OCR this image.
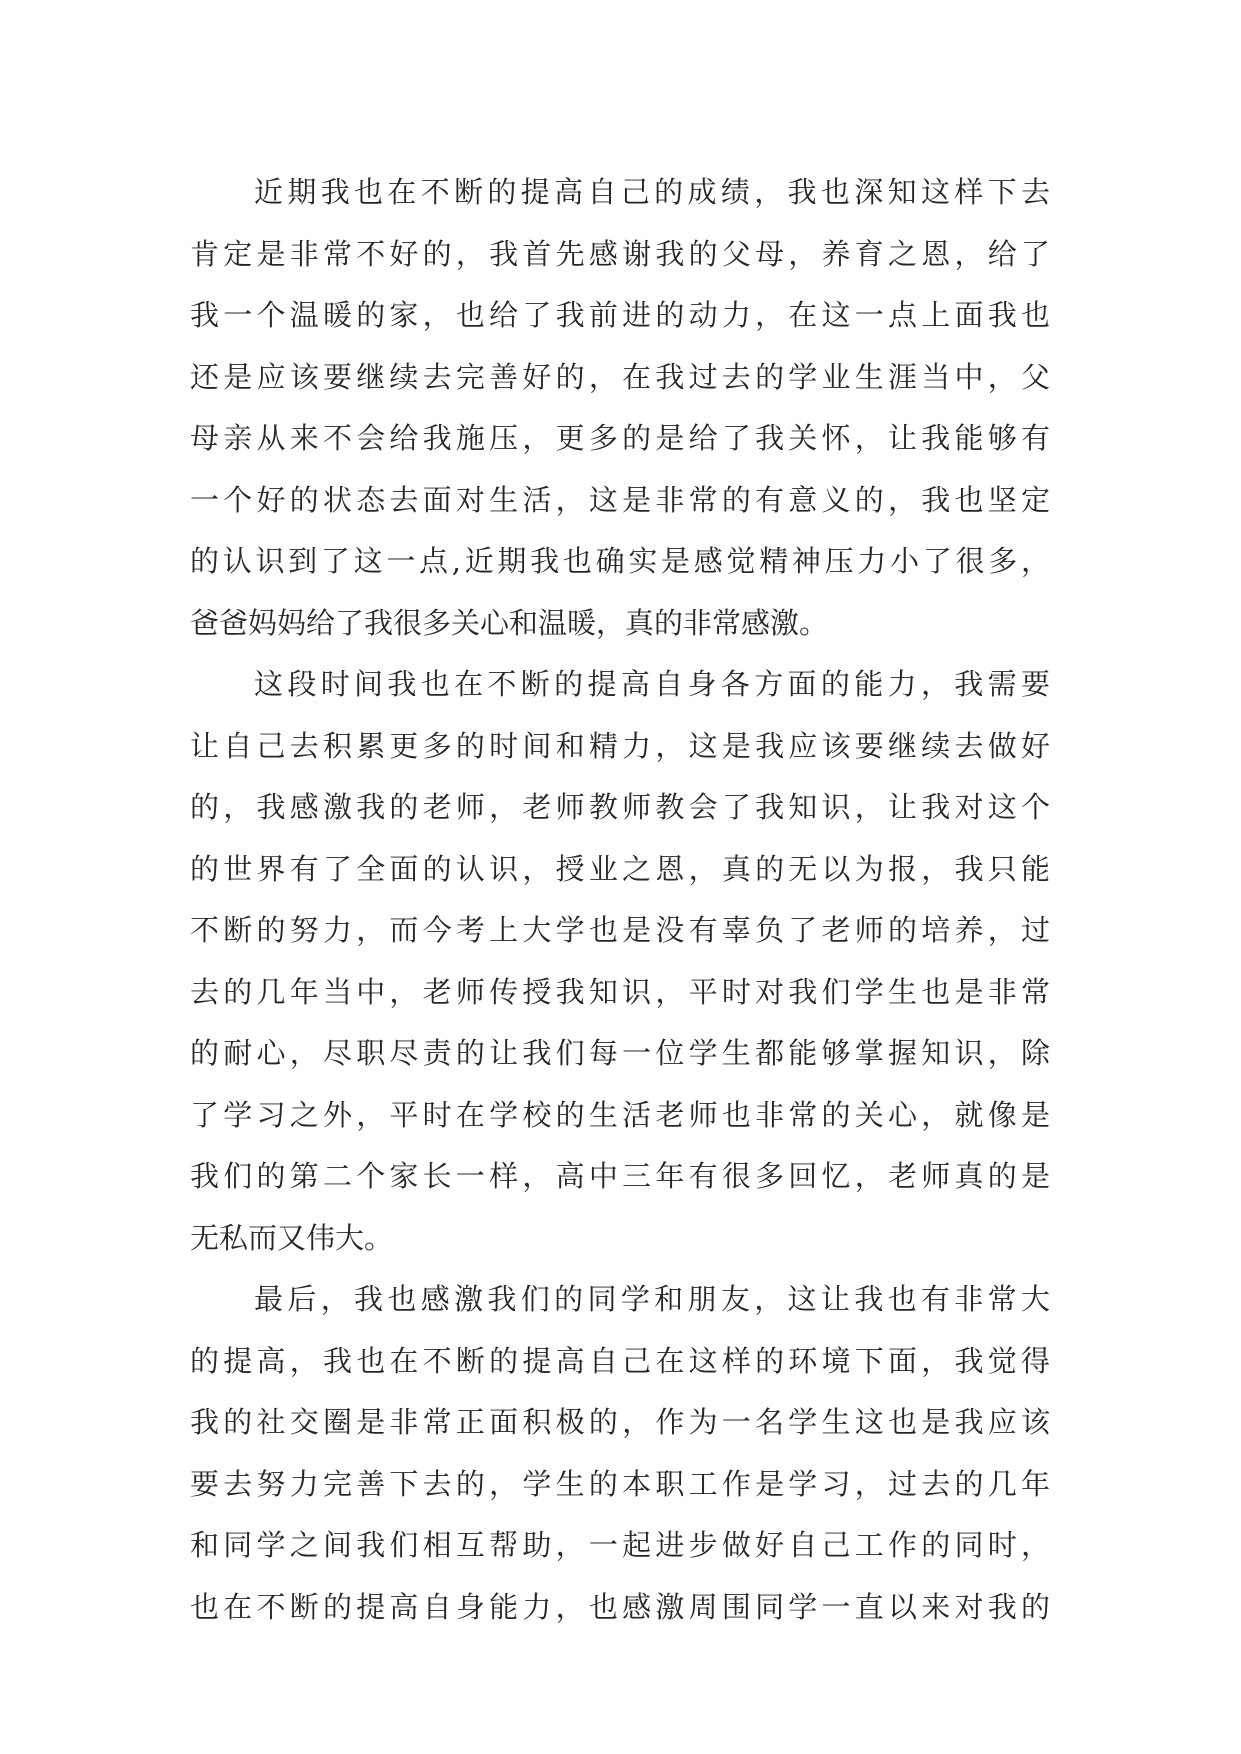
近期我也在不断的提高自己的成绩，我也深知这样下去
肯定是非常不好的，我首先感谢我的父母，养育之恩，给了
我一个温暖的家，也给了我前进的动力，在这一点上面我也
还是应该要继续去完善好的，在我过去的学业生涯当中，父
母亲从来不会给我施压，更多的是给了我关怀，让我能够有
一个好的状态去面对生活，这是非常的有意义的，我也坚定
的认识到了这一点,近期我也确实是感觉精神压力小了很多，
爸爸妈妈给了我很多关心和温暖，真的非常感激。
这段时间我也在不断的提高自身各方面的能力，我需要
让自己去积累更多的时间和精力，这是我应该要继续去做好
的，我感激我的老师，老师教师教会了我知识，让我对这个
的世界有了全面的认识，授业之恩，真的无以为报，我只能
不断的努力，而今考上大学也是没有辜负了老师的培养，过
去的几年当中，老师传授我知识，平时对我们学生也是非常
的耐心，尽职尽责的让我们每一位学生都能够掌握知识，除
了学习之外，平时在学校的生活老师也非常的关心，就像是
我们的第二个家长一样，高中三年有很多回忆，老师真的是
无私而又伟大。
最后，我也感激我们的同学和朋友，这让我也有非常大
的提高，我也在不断的提高自己在这样的环境下面，我觉得
我的社交圈是非常正面积极的，作为一名学生这也是我应该
要去努力完善下去的，学生的本职工作是学习，过去的几年
和同学之间我们相互帮助，一起进步做好自己工作的同时，
也在不断的提高自身能力，也感激周围同学一直以来对我的
